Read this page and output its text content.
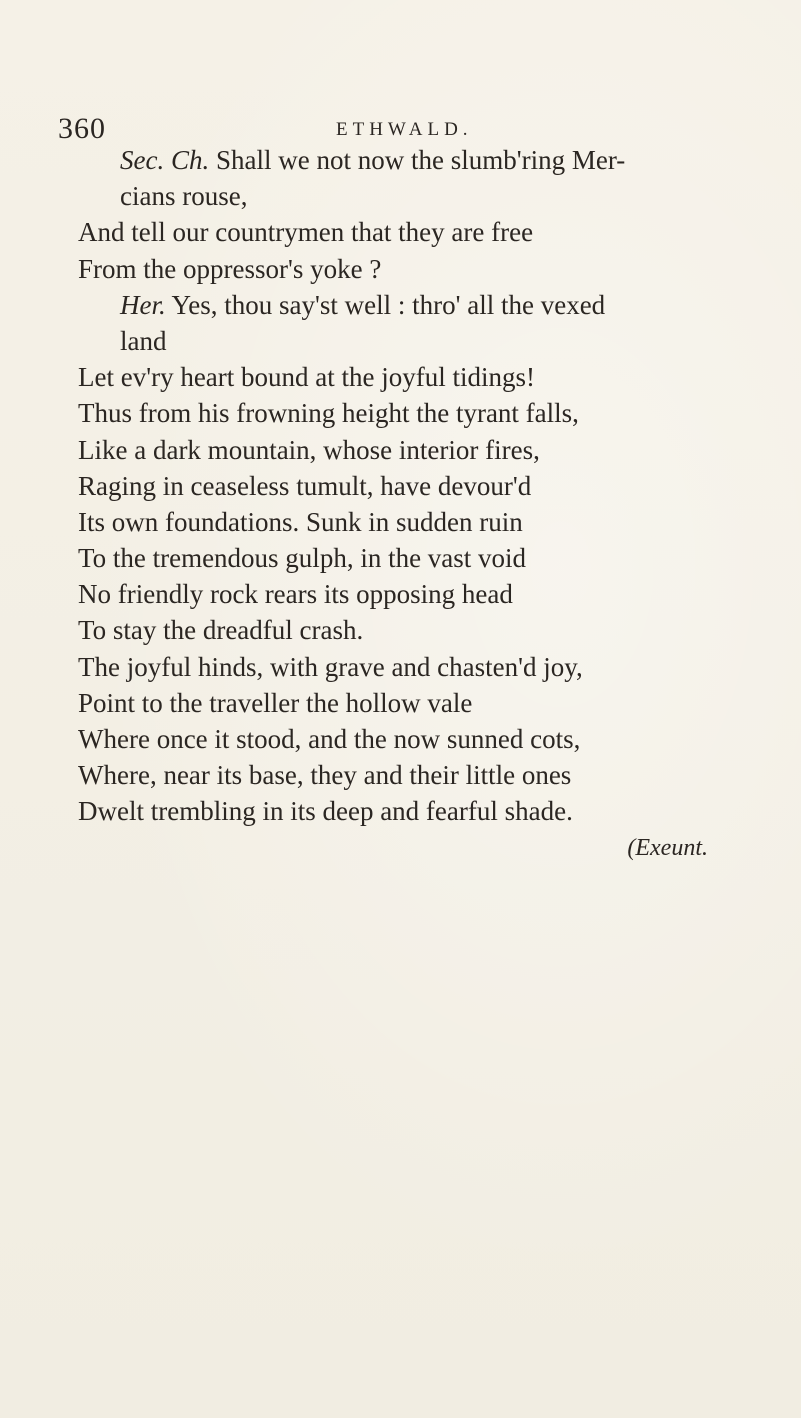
360	ETHWALD.
Sec. Ch. Shall we not now the slumb'ring Mer-
cians rouse,
And tell our countrymen that they are free
From the oppressor's yoke ?
Her. Yes, thou say'st well : thro' all the vexed
land
Let ev'ry heart bound at the joyful tidings!
Thus from his frowning height the tyrant falls,
Like a dark mountain, whose interior fires,
Raging in ceaseless tumult, have devour'd
Its own foundations. Sunk in sudden ruin
To the tremendous gulph, in the vast void
No friendly rock rears its opposing head
To stay the dreadful crash.
The joyful hinds, with grave and chasten'd joy,
Point to the traveller the hollow vale
Where once it stood, and the now sunned cots,
Where, near its base, they and their little ones
Dwelt trembling in its deep and fearful shade.
(Exeunt.
